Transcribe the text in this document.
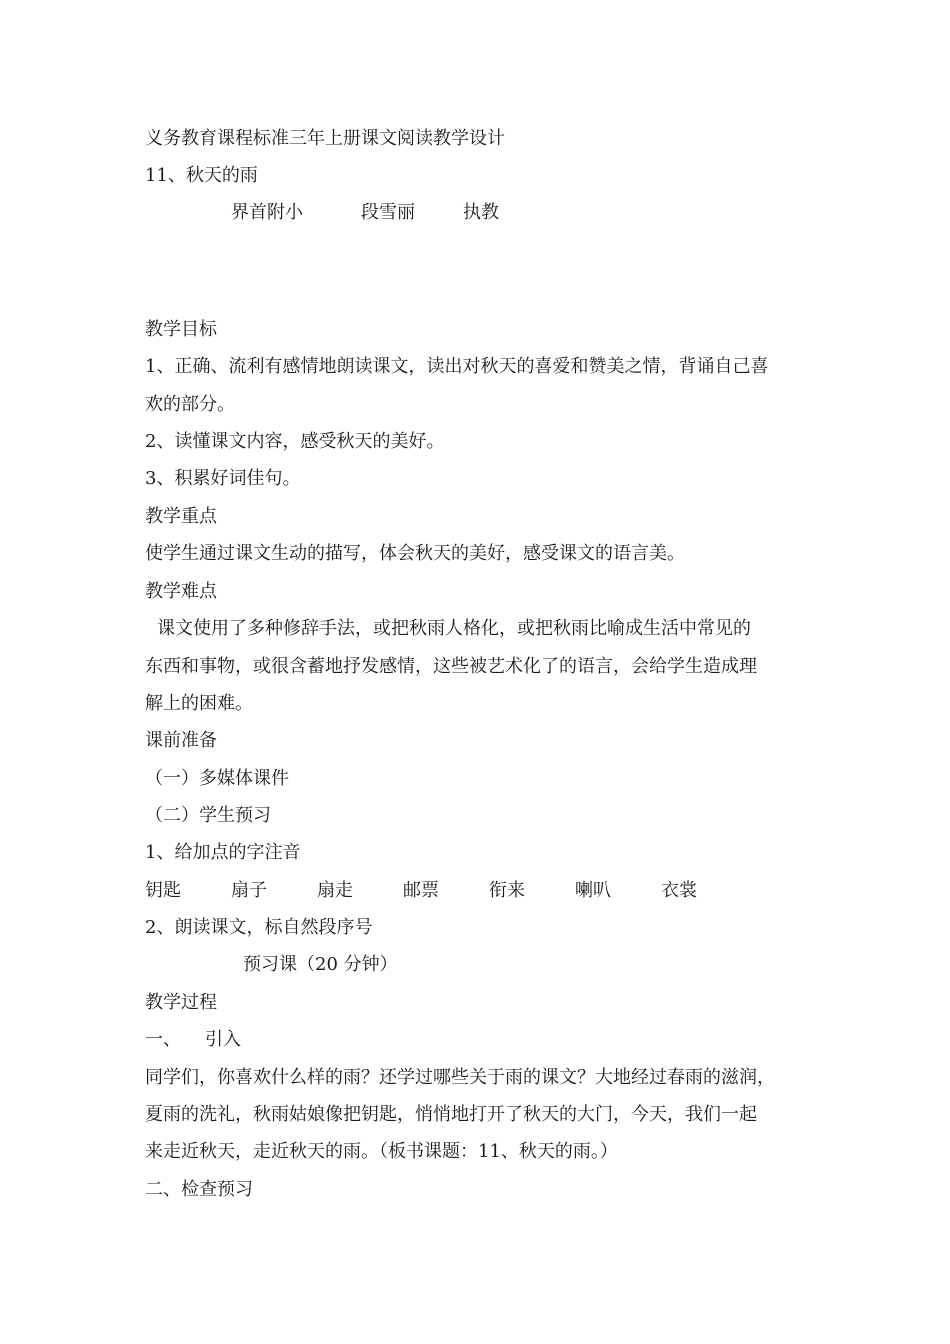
义务教育课程标准三年上册课文阅读教学设计
11、秋天的雨
界首附小	段雪丽	执教
教学目标
1、正确、流利有感情地朗读课文，读出对秋天的喜爱和赞美之情，背诵自己喜
欢的部分。
2、读懂课文内容，感受秋天的美好。
3、积累好词佳句。
教学重点
使学生通过课文生动的描写，体会秋天的美好，感受课文的语言美。
教学难点
课文使用了多种修辞手法，或把秋雨人格化，或把秋雨比喻成生活中常见的
东西和事物，或很含蓄地抒发感情，这些被艺术化了的语言，会给学生造成理
解上的困难。
课前准备
（一）多媒体课件
（二）学生预习
1、给加点的字注音
钥匙	扇子	扇走	邮票	衔来	喇叭	衣裳
2、朗读课文，标自然段序号
预习课（20 分钟）
教学过程
一、 引入
同学们，你喜欢什么样的雨？还学过哪些关于雨的课文？大地经过春雨的滋润，
夏雨的洗礼，秋雨姑娘像把钥匙，悄悄地打开了秋天的大门，今天，我们一起
来走近秋天，走近秋天的雨。（板书课题：11、秋天的雨。）
二、检查预习
